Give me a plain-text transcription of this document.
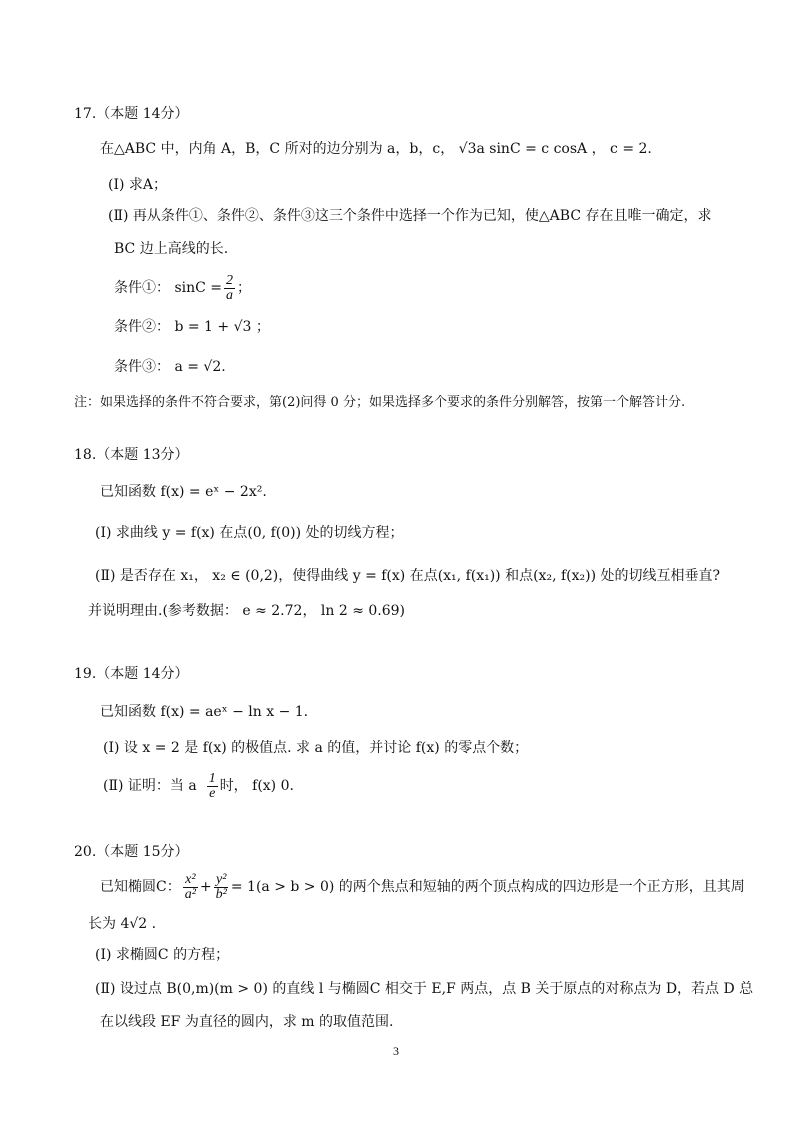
17.（本题 14分）
在△ABC 中，内角 A，B，C 所对的边分别为 a，b，c， √3a sinC = c cosA ， c = 2.
(Ⅰ) 求A；
(Ⅱ) 再从条件①、条件②、条件③这三个条件中选择一个作为已知，使△ABC 存在且唯一确定，求
BC 边上高线的长.
条件①： $\sin C = \frac{2}{a}$ ；
条件②： b = 1 + √3 ；
条件③： a = √2.
注：如果选择的条件不符合要求，第(2)问得 0 分；如果选择多个要求的条件分别解答，按第一个解答计分.
18.（本题 13分）
已知函数 f(x) = eˣ − 2x².
(Ⅰ) 求曲线 y = f(x) 在点(0, f(0)) 处的切线方程；
(Ⅱ) 是否存在 x₁， x₂ ∈ (0,2)，使得曲线 y = f(x) 在点(x₁, f(x₁)) 和点(x₂, f(x₂)) 处的切线互相垂直?
并说明理由.(参考数据： e ≈ 2.72， ln 2 ≈ 0.69)
19.（本题 14分）
已知函数 f(x) = aeˣ − ln x − 1.
(Ⅰ) 设 x = 2 是 f(x) 的极值点. 求 a 的值，并讨论 f(x) 的零点个数；
(Ⅱ) 证明：当 a $\frac{1}{e}$ 时， f(x) 0.
20.（本题 15分）
已知椭圆C： $\frac{\text{x²}}{\text{a²}} + \frac{\text{y²}}{\text{b²}} = 1(a > b > 0)$ 的两个焦点和短轴的两个顶点构成的四边形是一个正方形，且其周
长为 4√2 .
(Ⅰ) 求椭圆C 的方程；
(Ⅱ) 设过点 B(0,m)(m > 0) 的直线 l 与椭圆C 相交于 E,F 两点，点 B 关于原点的对称点为 D，若点 D 总
在以线段 EF 为直径的圆内，求 m 的取值范围.
3
